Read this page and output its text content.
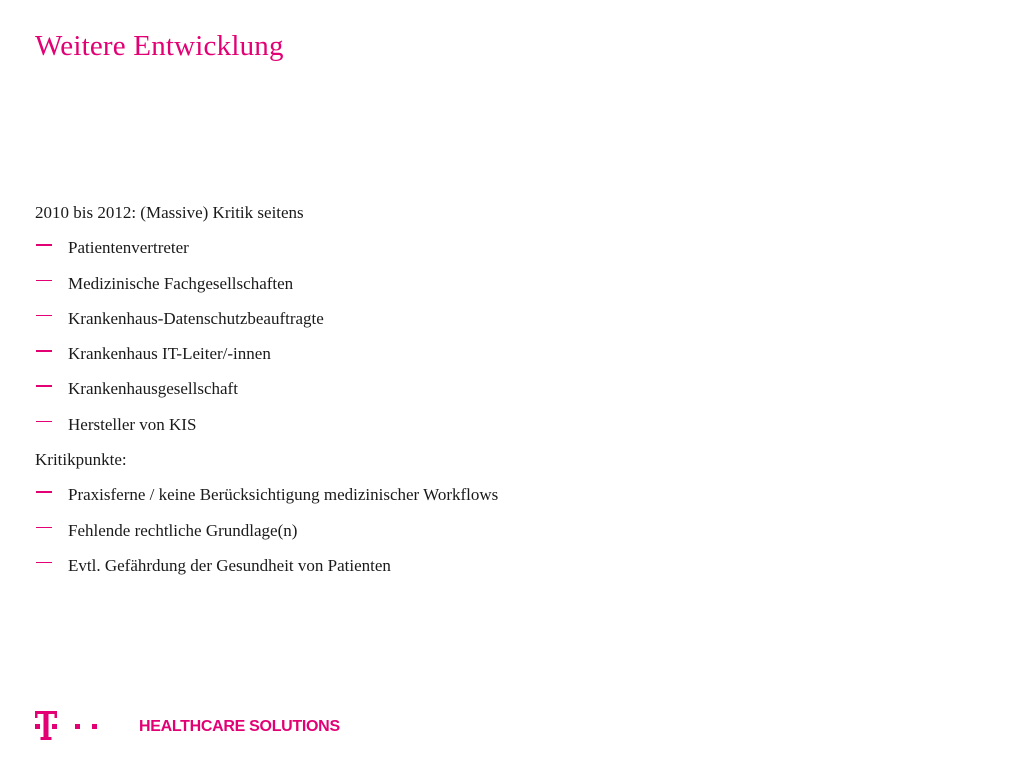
Weitere Entwicklung
2010 bis 2012: (Massive) Kritik seitens
Patientenvertreter
Medizinische Fachgesellschaften
Krankenhaus-Datenschutzbeauftragte
Krankenhaus IT-Leiter/-innen
Krankenhausgesellschaft
Hersteller von KIS
Kritikpunkte:
Praxisferne / keine Berücksichtigung medizinischer Workflows
Fehlende rechtliche Grundlage(n)
Evtl. Gefährdung der Gesundheit von Patienten
HEALTHCARE SOLUTIONS
